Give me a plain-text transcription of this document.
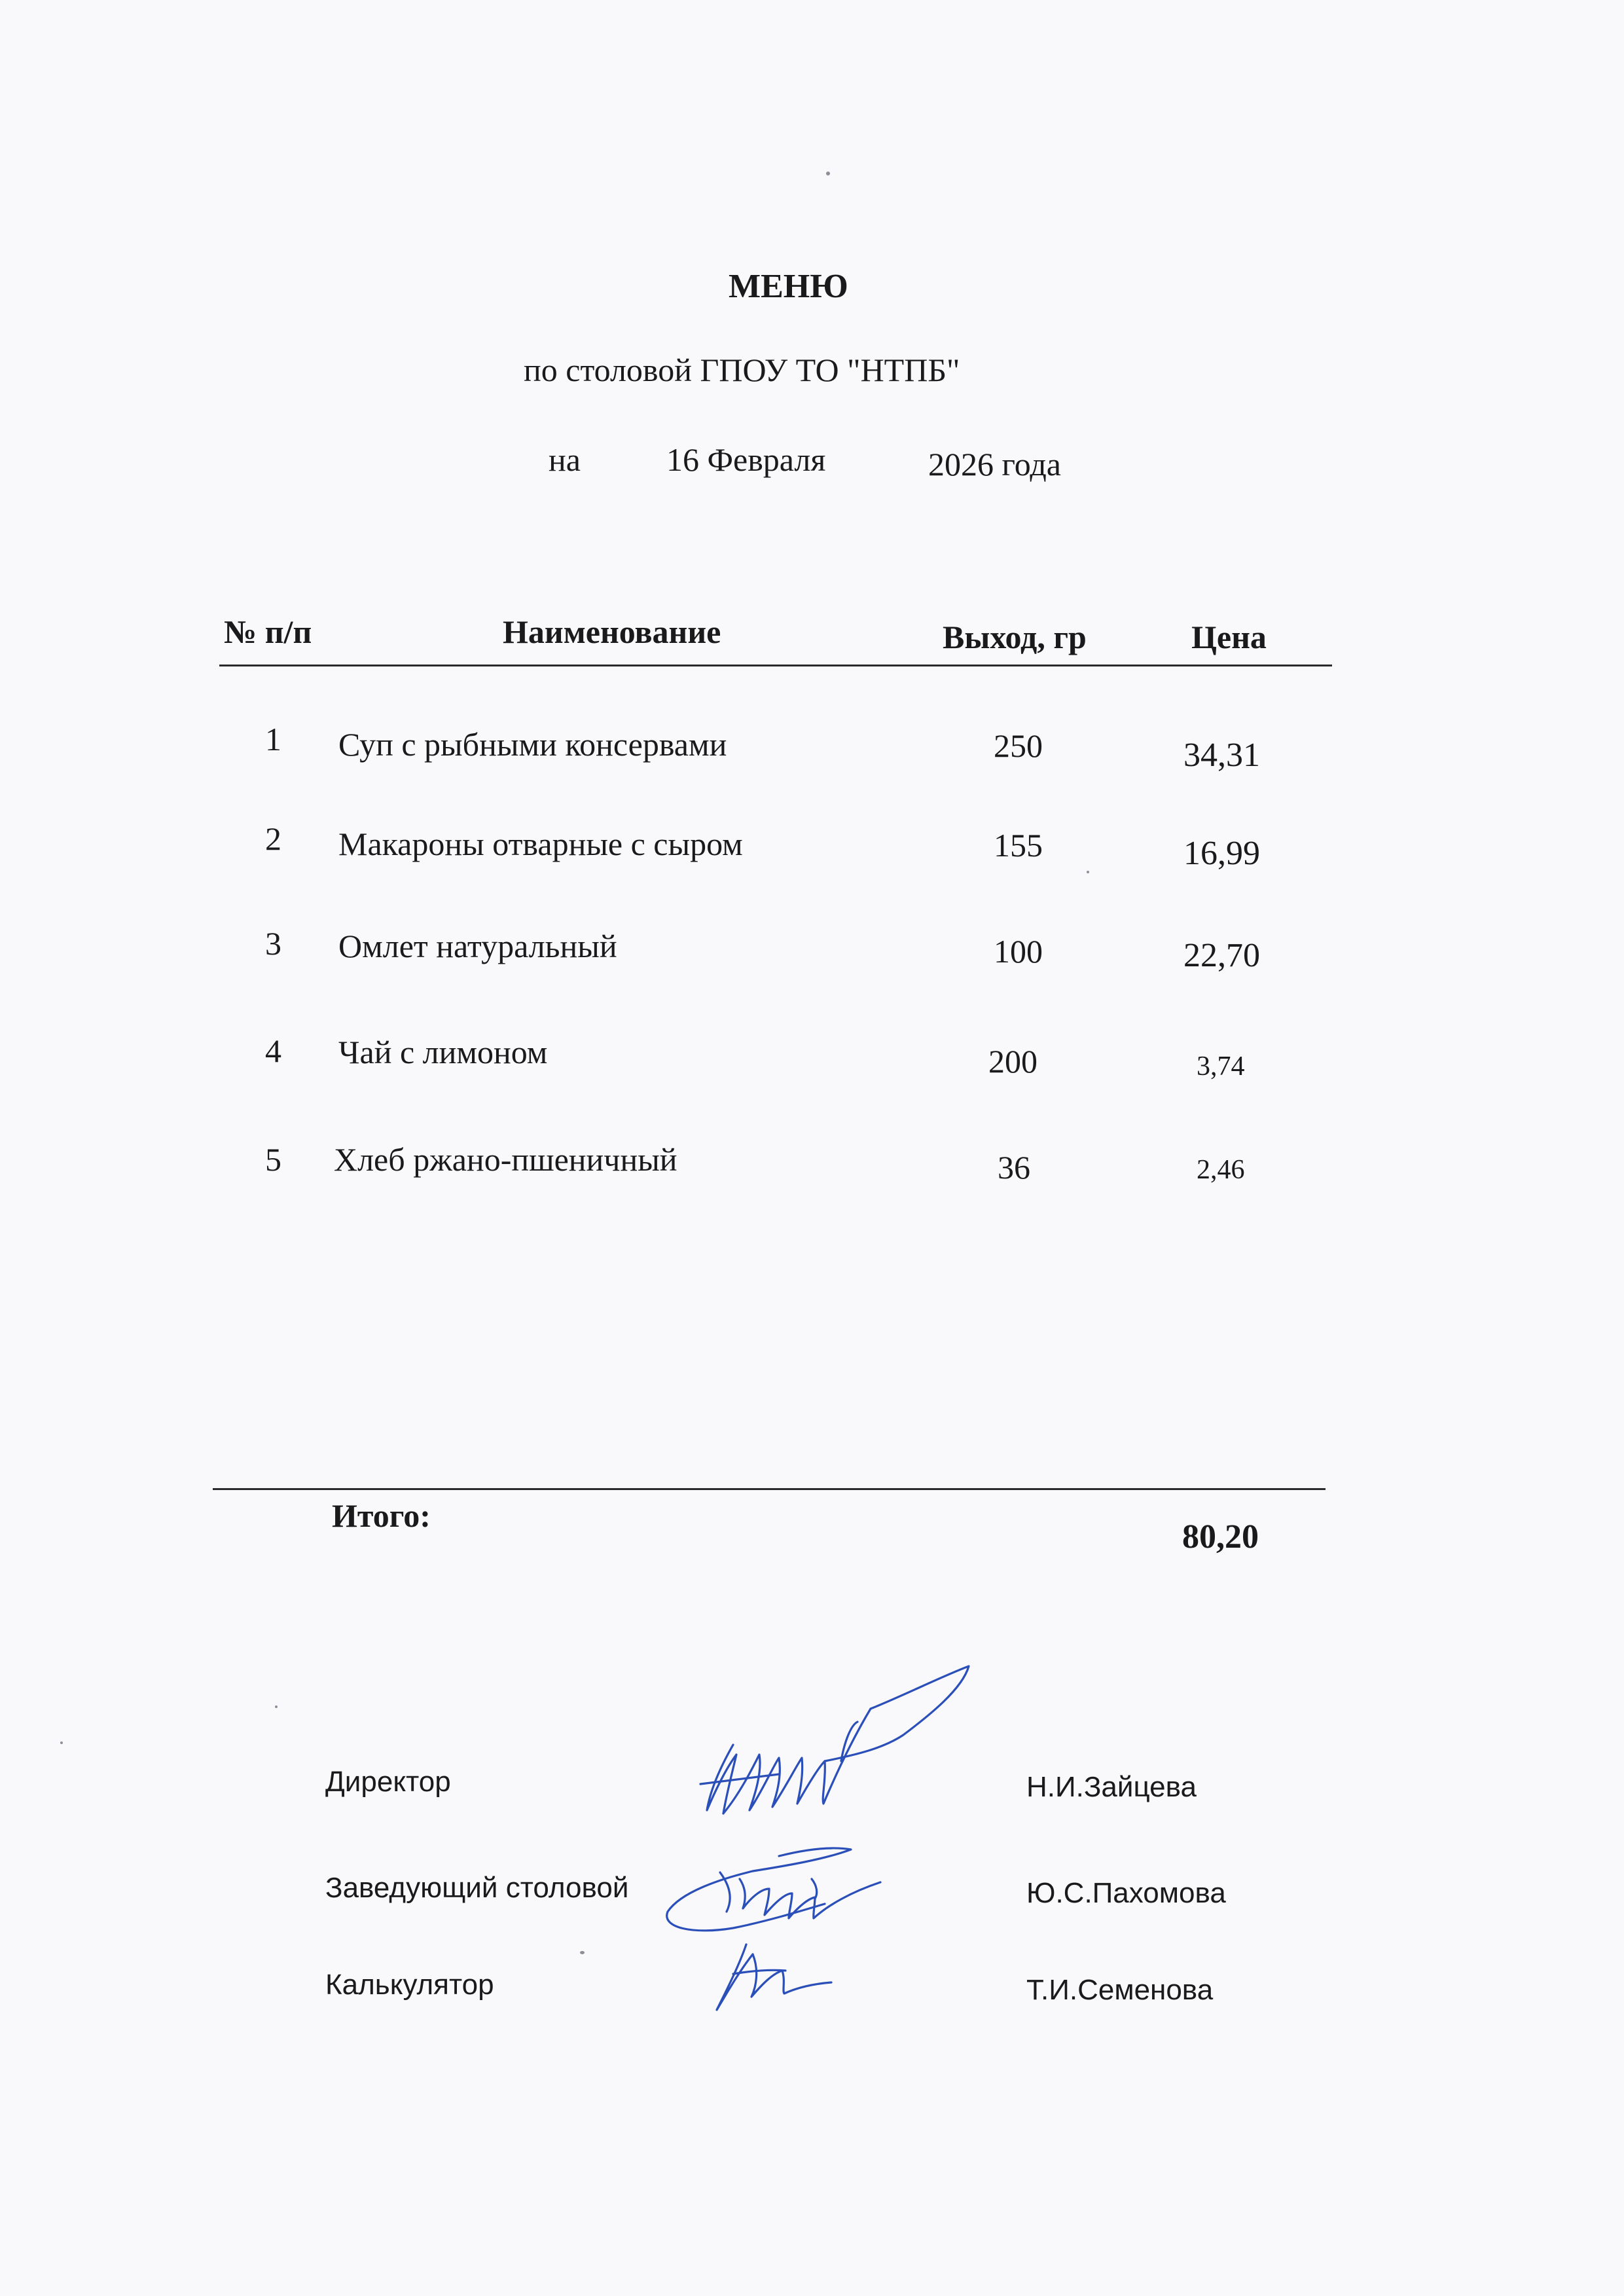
МЕНЮ
по столовой ГПОУ ТО "НТПБ"
на	16 Февраля	2026 года
№ п/п	Наименование	Выход, гр	Цена
1 Суп с рыбными консервами	250	34,31
2 Макароны отварные с сыром	155	16,99
3 Омлет натуральный	100	22,70
4 Чай с лимоном	200	3,74
5 Хлеб ржано-пшеничный	36	2,46
Итого:
80,20
Директор	Н.И.Зайцева
Заведующий столовой	Ю.С.Пахомова
Калькулятор	Т.И.Семенова
